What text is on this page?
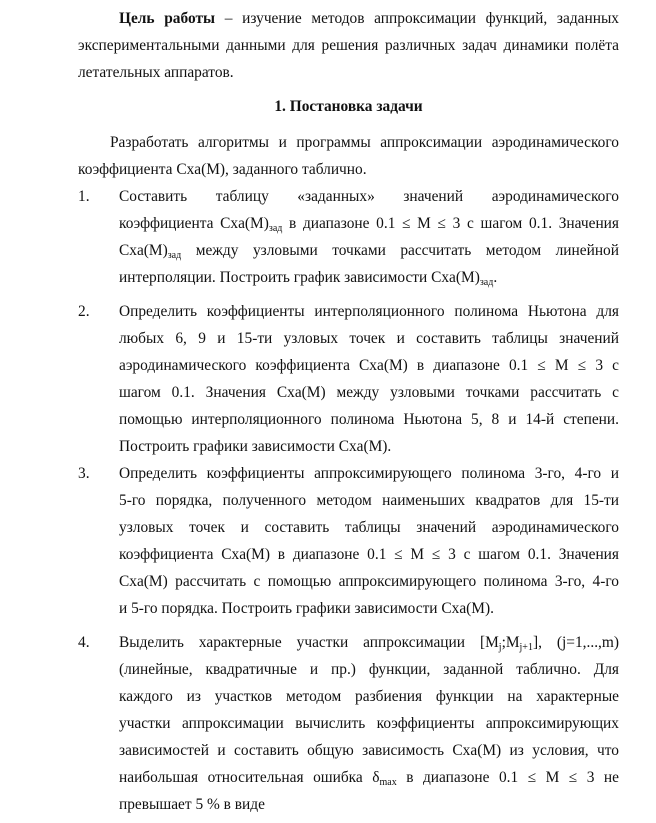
Цель работы – изучение методов аппроксимации функций, заданных
экспериментальными данными для решения различных задач динамики полёта
летательных аппаратов.
1. Постановка задачи
Разработать алгоритмы и программы аппроксимации аэродинамического
коэффициента Cxa(M), заданного таблично.
1. Составить таблицу «заданных» значений аэродинамического
коэффициента $Cxa(M)_{зад}$ в диапазоне 0.1 ≤ M ≤ 3 с шагом 0.1. Значения
$Cxa(M)_{зад}$ между узловыми точками рассчитать методом линейной
интерполяции. Построить график зависимости $Cxa(M)_{зад}$.
2. Определить коэффициенты интерполяционного полинома Ньютона для
любых 6, 9 и 15-ти узловых точек и составить таблицы значений
аэродинамического коэффициента Cxa(M) в диапазоне 0.1 ≤ M ≤ 3 с
шагом 0.1. Значения Cxa(M) между узловыми точками рассчитать с
помощью интерполяционного полинома Ньютона 5, 8 и 14-й степени.
Построить графики зависимости Cxa(M).
3. Определить коэффициенты аппроксимирующего полинома 3-го, 4-го и
5-го порядка, полученного методом наименьших квадратов для 15-ти
узловых точек и составить таблицы значений аэродинамического
коэффициента Cxa(M) в диапазоне 0.1 ≤ M ≤ 3 с шагом 0.1. Значения
Cxa(M) рассчитать с помощью аппроксимирующего полинома 3-го, 4-го
и 5-го порядка. Построить графики зависимости Cxa(M).
4. Выделить характерные участки аппроксимации $[M_j;M_{j+1}]$, (j=1,...,m)
(линейные, квадратичные и пр.) функции, заданной таблично. Для
каждого из участков методом разбиения функции на характерные
участки аппроксимации вычислить коэффициенты аппроксимирующих
зависимостей и составить общую зависимость Cxa(M) из условия, что
наибольшая относительная ошибка $\delta_{max}$ в диапазоне 0.1 ≤ M ≤ 3 не
превышает 5 % в виде
